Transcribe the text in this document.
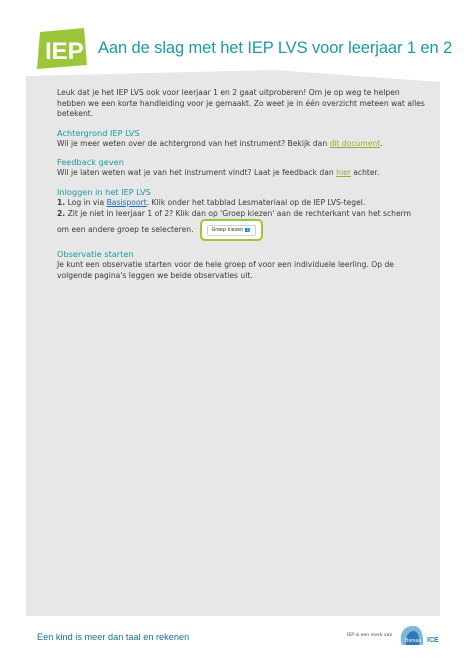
IEP Aan de slag met het IEP LVS voor leerjaar 1 en 2

Leuk dat je het IEP LVS ook voor leerjaar 1 en 2 gaat uitproberen! Om je op weg te helpen hebben we een korte handleiding voor je gemaakt. Zo weet je in één overzicht meteen wat alles betekent.

Achtergrond IEP LVS

Wil je meer weten over de achtergrond van het instrument? Bekijk dan dit document.

Feedback geven

Wil je laten weten wat je van het instrument vindt? Laat je feedback dan hier achter.

Inloggen in het IEP LVS

1. Log in via Basispoort. Klik onder het tabblad Lesmateriaal op de IEP LVS-tegel.

2. Zit je niet in leerjaar 1 of 2? Klik dan op 'Groep kiezen' aan de rechterkant van het scherm om een andere groep te selecteren.	Groep kiezen 👥

Observatie starten

Je kunt een observatie starten voor de hele groep of voor een individuele leerling. Op de volgende pagina's leggen we beide observaties uit.

Een kind is meer dan taal en rekenen	IEP is een merk van
Bureau ICE
